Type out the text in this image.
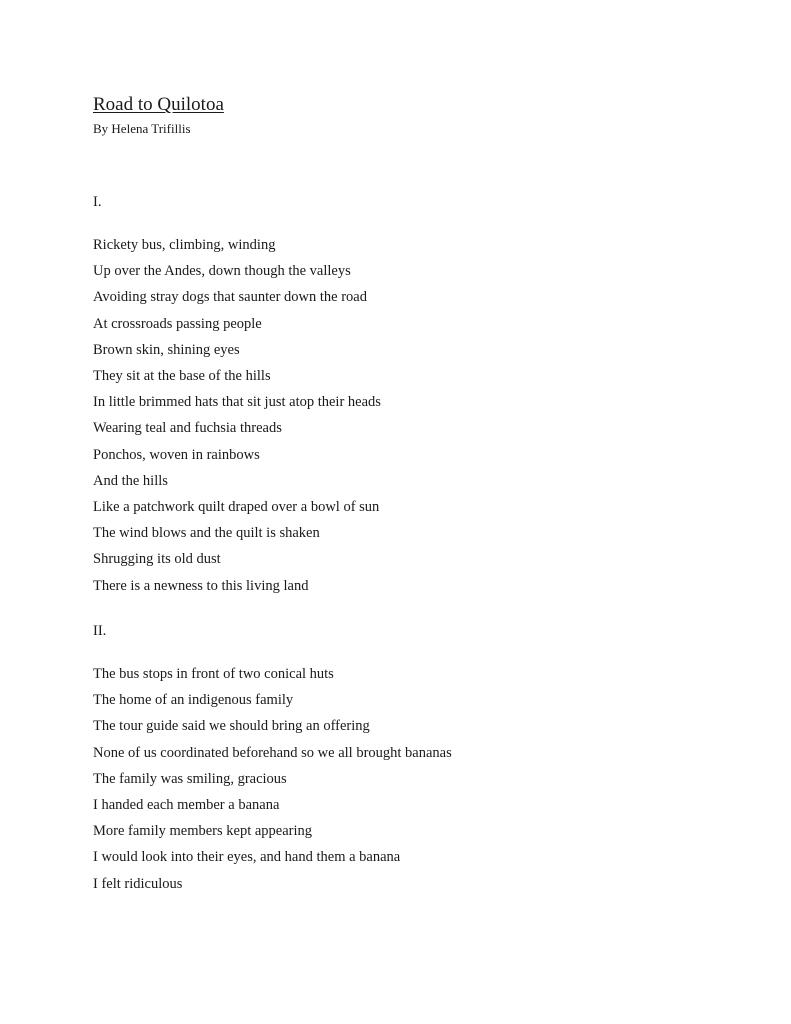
Road to Quilotoa

By Helena Trifillis

I.

Rickety bus, climbing, winding
Up over the Andes, down though the valleys
Avoiding stray dogs that saunter down the road
At crossroads passing people
Brown skin, shining eyes
They sit at the base of the hills
In little brimmed hats that sit just atop their heads
Wearing teal and fuchsia threads
Ponchos, woven in rainbows
And the hills
Like a patchwork quilt draped over a bowl of sun
The wind blows and the quilt is shaken
Shrugging its old dust
There is a newness to this living land

II.

The bus stops in front of two conical huts
The home of an indigenous family
The tour guide said we should bring an offering
None of us coordinated beforehand so we all brought bananas
The family was smiling, gracious
I handed each member a banana
More family members kept appearing
I would look into their eyes, and hand them a banana
I felt ridiculous
